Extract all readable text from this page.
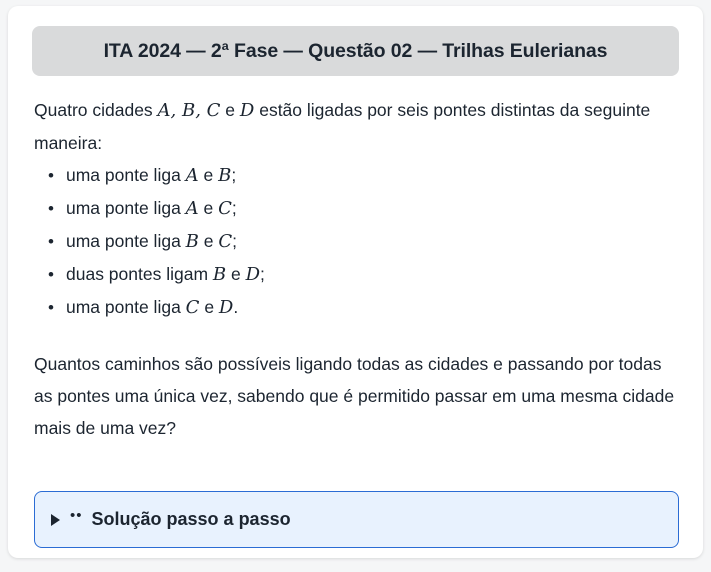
ITA 2024 — 2ª Fase — Questão 02 — Trilhas Eulerianas
Quatro cidades A, B, C e D estão ligadas por seis pontes distintas da seguinte maneira:
• uma ponte liga A e B;
• uma ponte liga A e C;
• uma ponte liga B e C;
• duas pontes ligam B e D;
• uma ponte liga C e D.
Quantos caminhos são possíveis ligando todas as cidades e passando por todas as pontes uma única vez, sabendo que é permitido passar em uma mesma cidade mais de uma vez?
•• Solução passo a passo
